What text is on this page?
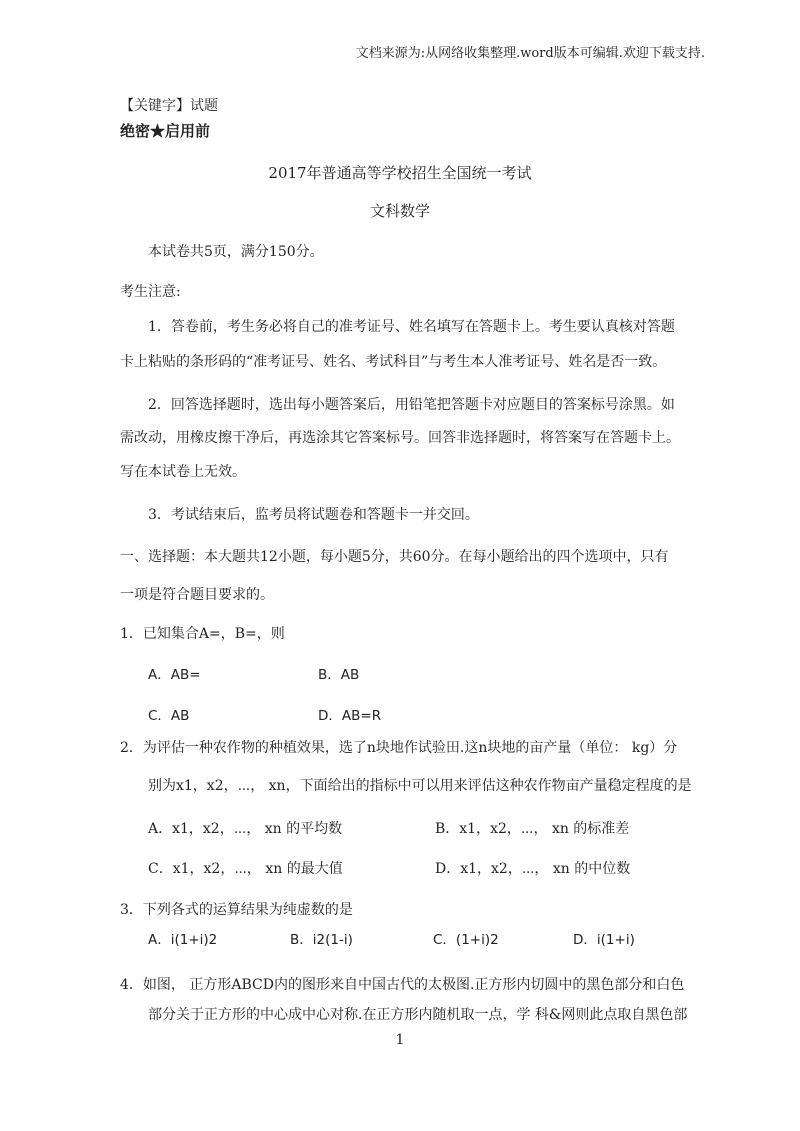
文档来源为:从网络收集整理.word版本可编辑.欢迎下载支持.
【关键字】试题
绝密★启用前
2017年普通高等学校招生全国统一考试
文科数学
本试卷共5页，满分150分。
考生注意:
1．答卷前，考生务必将自己的准考证号、姓名填写在答题卡上。考生要认真核对答题
卡上粘贴的条形码的“准考证号、姓名、考试科目”与考生本人准考证号、姓名是否一致。
2．回答选择题时，选出每小题答案后，用铅笔把答题卡对应题目的答案标号涂黑。如
需改动，用橡皮擦干净后，再选涂其它答案标号。回答非选择题时，将答案写在答题卡上。
写在本试卷上无效。
3．考试结束后，监考员将试题卷和答题卡一并交回。
一、选择题：本大题共12小题，每小题5分，共60分。在每小题给出的四个选项中，只有
一项是符合题目要求的。
1．已知集合A=，B=，则
A．AB=	B．AB
C．AB	D．AB=R
2．为评估一种农作物的种植效果，选了n块地作试验田.这n块地的亩产量（单位： kg）分
别为x1，x2，⋯， xn，下面给出的指标中可以用来评估这种农作物亩产量稳定程度的是
A．x1，x2，⋯， xn 的平均数	B．x1，x2，⋯， xn 的标准差
C．x1，x2，⋯， xn 的最大值	D．x1，x2，⋯， xn 的中位数
3．下列各式的运算结果为纯虚数的是
A．i(1+i)2	B．i2(1-i)	C．(1+i)2	D．i(1+i)
4．如图， 正方形ABCD内的图形来自中国古代的太极图.正方形内切圆中的黑色部分和白色
部分关于正方形的中心成中心对称.在正方形内随机取一点，学 科&网则此点取自黑色部
1
